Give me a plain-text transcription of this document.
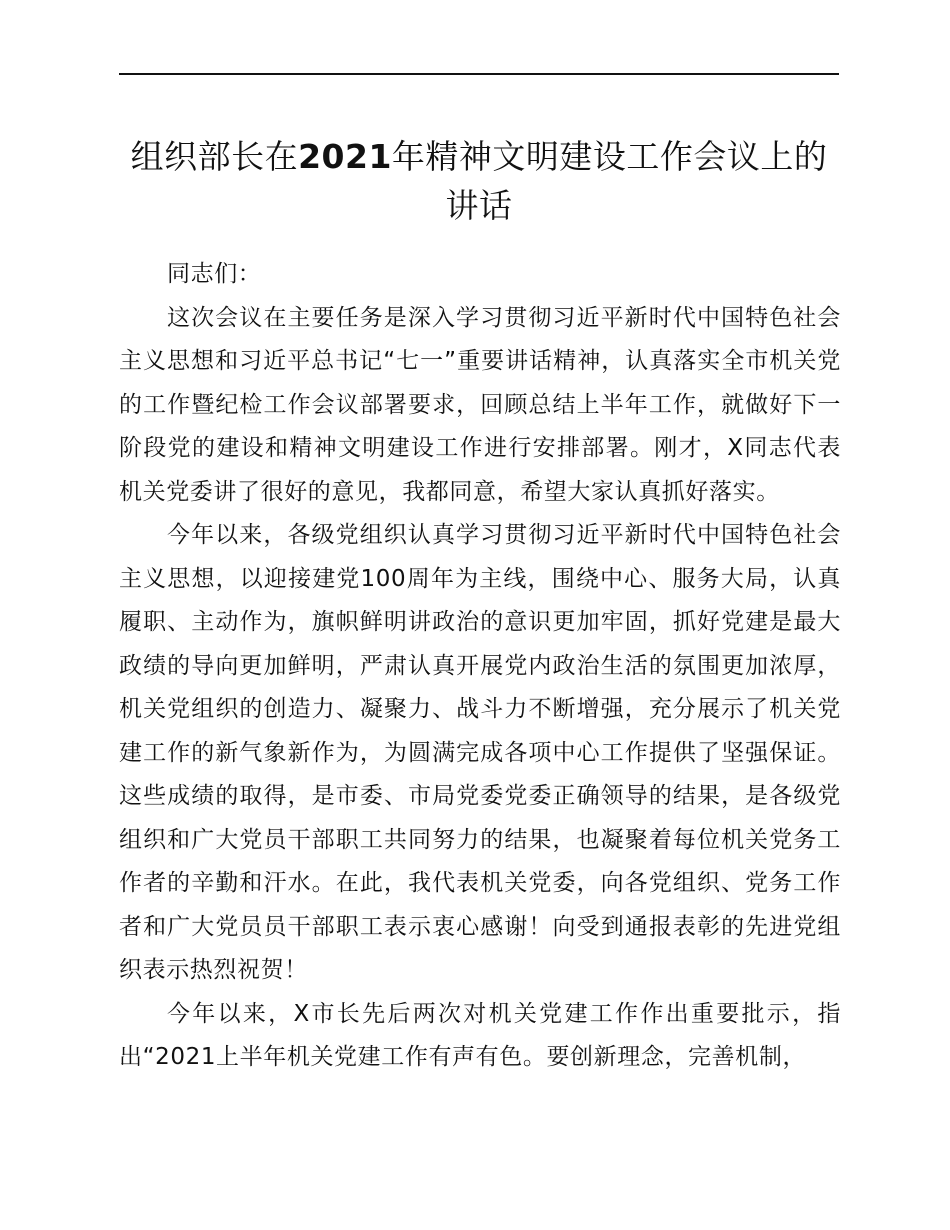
组织部长在2021年精神文明建设工作会议上的讲话

同志们：

这次会议在主要任务是深入学习贯彻习近平新时代中国特色社会主义思想和习近平总书记“七一”重要讲话精神，认真落实全市机关党的工作暨纪检工作会议部署要求，回顾总结上半年工作，就做好下一阶段党的建设和精神文明建设工作进行安排部署。刚才，X同志代表机关党委讲了很好的意见，我都同意，希望大家认真抓好落实。

今年以来，各级党组织认真学习贯彻习近平新时代中国特色社会主义思想，以迎接建党100周年为主线，围绕中心、服务大局，认真履职、主动作为，旗帜鲜明讲政治的意识更加牢固，抓好党建是最大政绩的导向更加鲜明，严肃认真开展党内政治生活的氛围更加浓厚，机关党组织的创造力、凝聚力、战斗力不断增强，充分展示了机关党建工作的新气象新作为，为圆满完成各项中心工作提供了坚强保证。这些成绩的取得，是市委、市局党委党委正确领导的结果，是各级党组织和广大党员干部职工共同努力的结果，也凝聚着每位机关党务工作者的辛勤和汗水。在此，我代表机关党委，向各党组织、党务工作者和广大党员员干部职工表示衷心感谢！向受到通报表彰的先进党组织表示热烈祝贺！

今年以来，X市长先后两次对机关党建工作作出重要批示，指出“2021上半年机关党建工作有声有色。要创新理念，完善机制，
